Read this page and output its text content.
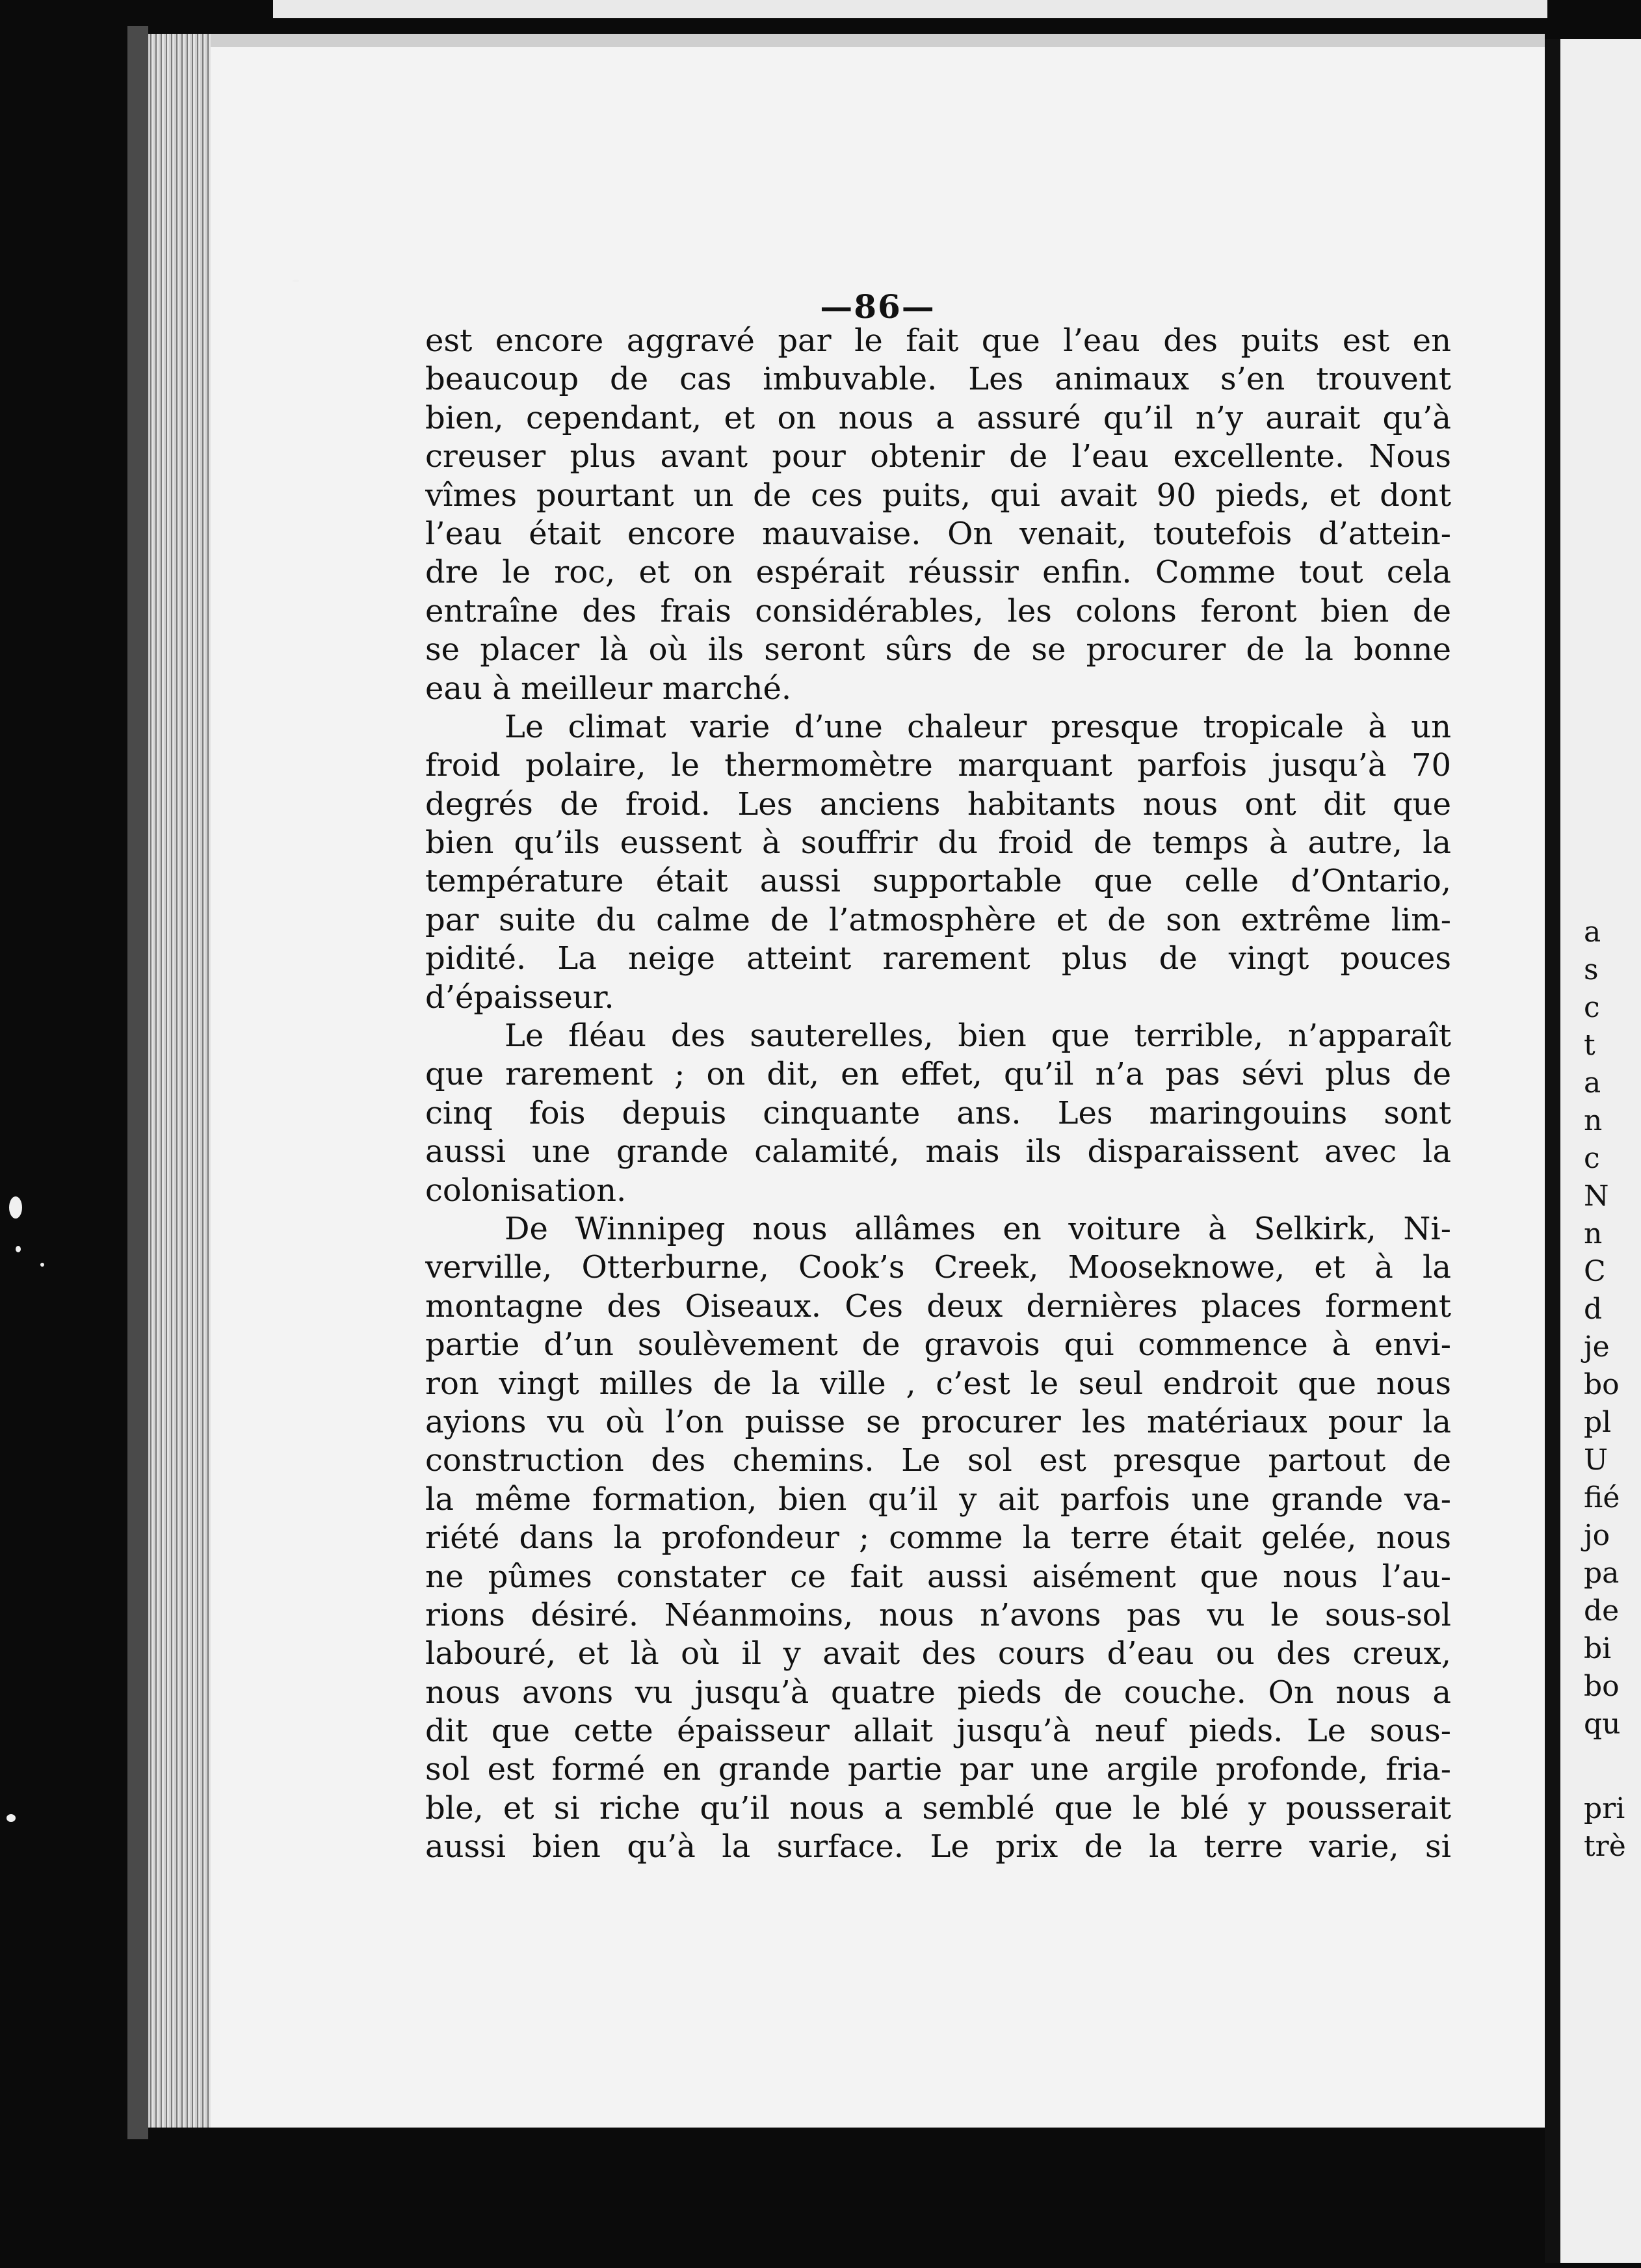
—86—
est encore aggravé par le fait que l’eau des puits est en
beaucoup de cas imbuvable. Les animaux s’en trouvent
bien, cependant, et on nous a assuré qu’il n’y aurait qu’à
creuser plus avant pour obtenir de l’eau excellente. Nous
vîmes pourtant un de ces puits, qui avait 90 pieds, et dont
l’eau était encore mauvaise. On venait, toutefois d’attein-
dre le roc, et on espérait réussir enfin. Comme tout cela
entraîne des frais considérables, les colons feront bien de
se placer là où ils seront sûrs de se procurer de la bonne
eau à meilleur marché.
Le climat varie d’une chaleur presque tropicale à un
froid polaire, le thermomètre marquant parfois jusqu’à 70
degrés de froid. Les anciens habitants nous ont dit que
bien qu’ils eussent à souffrir du froid de temps à autre, la
température était aussi supportable que celle d’Ontario,
par suite du calme de l’atmosphère et de son extrême lim-
pidité. La neige atteint rarement plus de vingt pouces
d’épaisseur.
Le fléau des sauterelles, bien que terrible, n’apparaît
que rarement ; on dit, en effet, qu’il n’a pas sévi plus de
cinq fois depuis cinquante ans. Les maringouins sont
aussi une grande calamité, mais ils disparaissent avec la
colonisation.
De Winnipeg nous allâmes en voiture à Selkirk, Ni-
verville, Otterburne, Cook’s Creek, Mooseknowe, et à la
montagne des Oiseaux. Ces deux dernières places forment
partie d’un soulèvement de gravois qui commence à envi-
ron vingt milles de la ville , c’est le seul endroit que nous
ayions vu où l’on puisse se procurer les matériaux pour la
construction des chemins. Le sol est presque partout de
la même formation, bien qu’il y ait parfois une grande va-
riété dans la profondeur ; comme la terre était gelée, nous
ne pûmes constater ce fait aussi aisément que nous l’au-
rions désiré. Néanmoins, nous n’avons pas vu le sous-sol
labouré, et là où il y avait des cours d’eau ou des creux,
nous avons vu jusqu’à quatre pieds de couche. On nous a
dit que cette épaisseur allait jusqu’à neuf pieds. Le sous-
sol est formé en grande partie par une argile profonde, fria-
ble, et si riche qu’il nous a semblé que le blé y pousserait
aussi bien qu’à la surface. Le prix de la terre varie, si
a
s
c
t
a
n
c
N
n
C
d
je
bo
pl
U
fié
jo
pa
de
bi
bo
qu
pri
trè
